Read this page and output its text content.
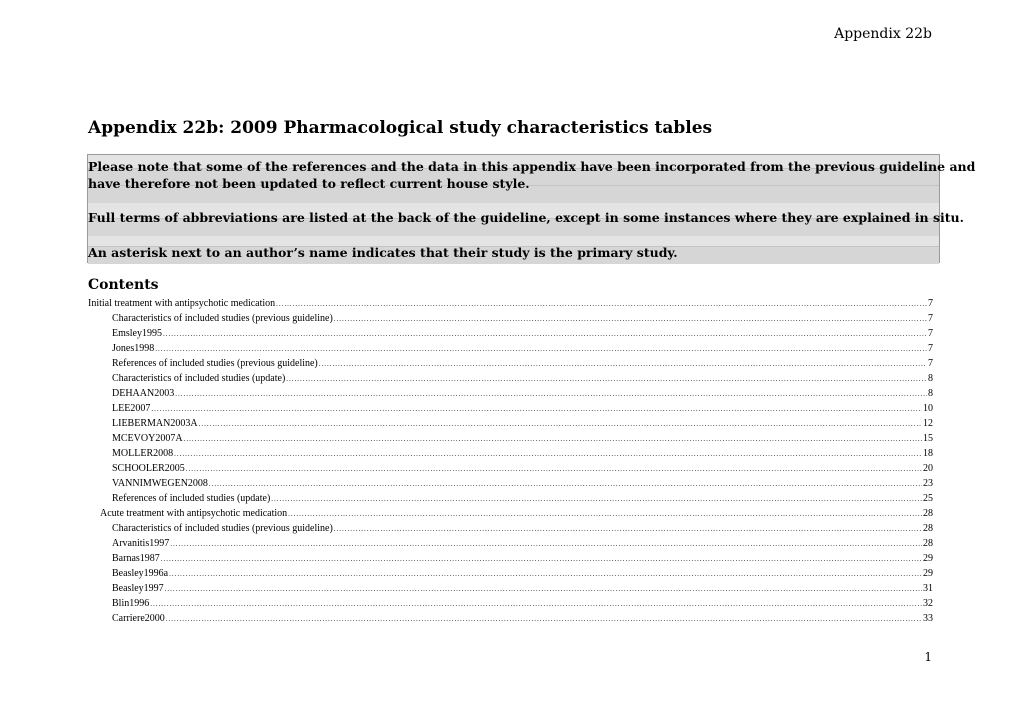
Appendix 22b
Appendix 22b: 2009 Pharmacological study characteristics tables
Please note that some of the references and the data in this appendix have been incorporated from the previous guideline and
have therefore not been updated to reflect current house style.
Full terms of abbreviations are listed at the back of the guideline, except in some instances where they are explained in situ.
An asterisk next to an author’s name indicates that their study is the primary study.
Contents
Initial treatment with antipsychotic medication .....	7
Characteristics of included studies (previous guideline) .....	7
Emsley1995 .....	7
Jones1998 .....	7
References of included studies (previous guideline) .....	7
Characteristics of included studies (update) .....	8
DEHAAN2003 .....	8
LEE2007 .....	10
LIEBERMAN2003A .....	12
MCEVOY2007A .....	15
MOLLER2008 .....	18
SCHOOLER2005 .....	20
VANNIMWEGEN2008 .....	23
References of included studies (update) .....	25
Acute treatment with antipsychotic medication .....	28
Characteristics of included studies (previous guideline) .....	28
Arvanitis1997 .....	28
Barnas1987 .....	29
Beasley1996a .....	29
Beasley1997 .....	31
Blin1996 .....	32
Carriere2000 .....	33
1
